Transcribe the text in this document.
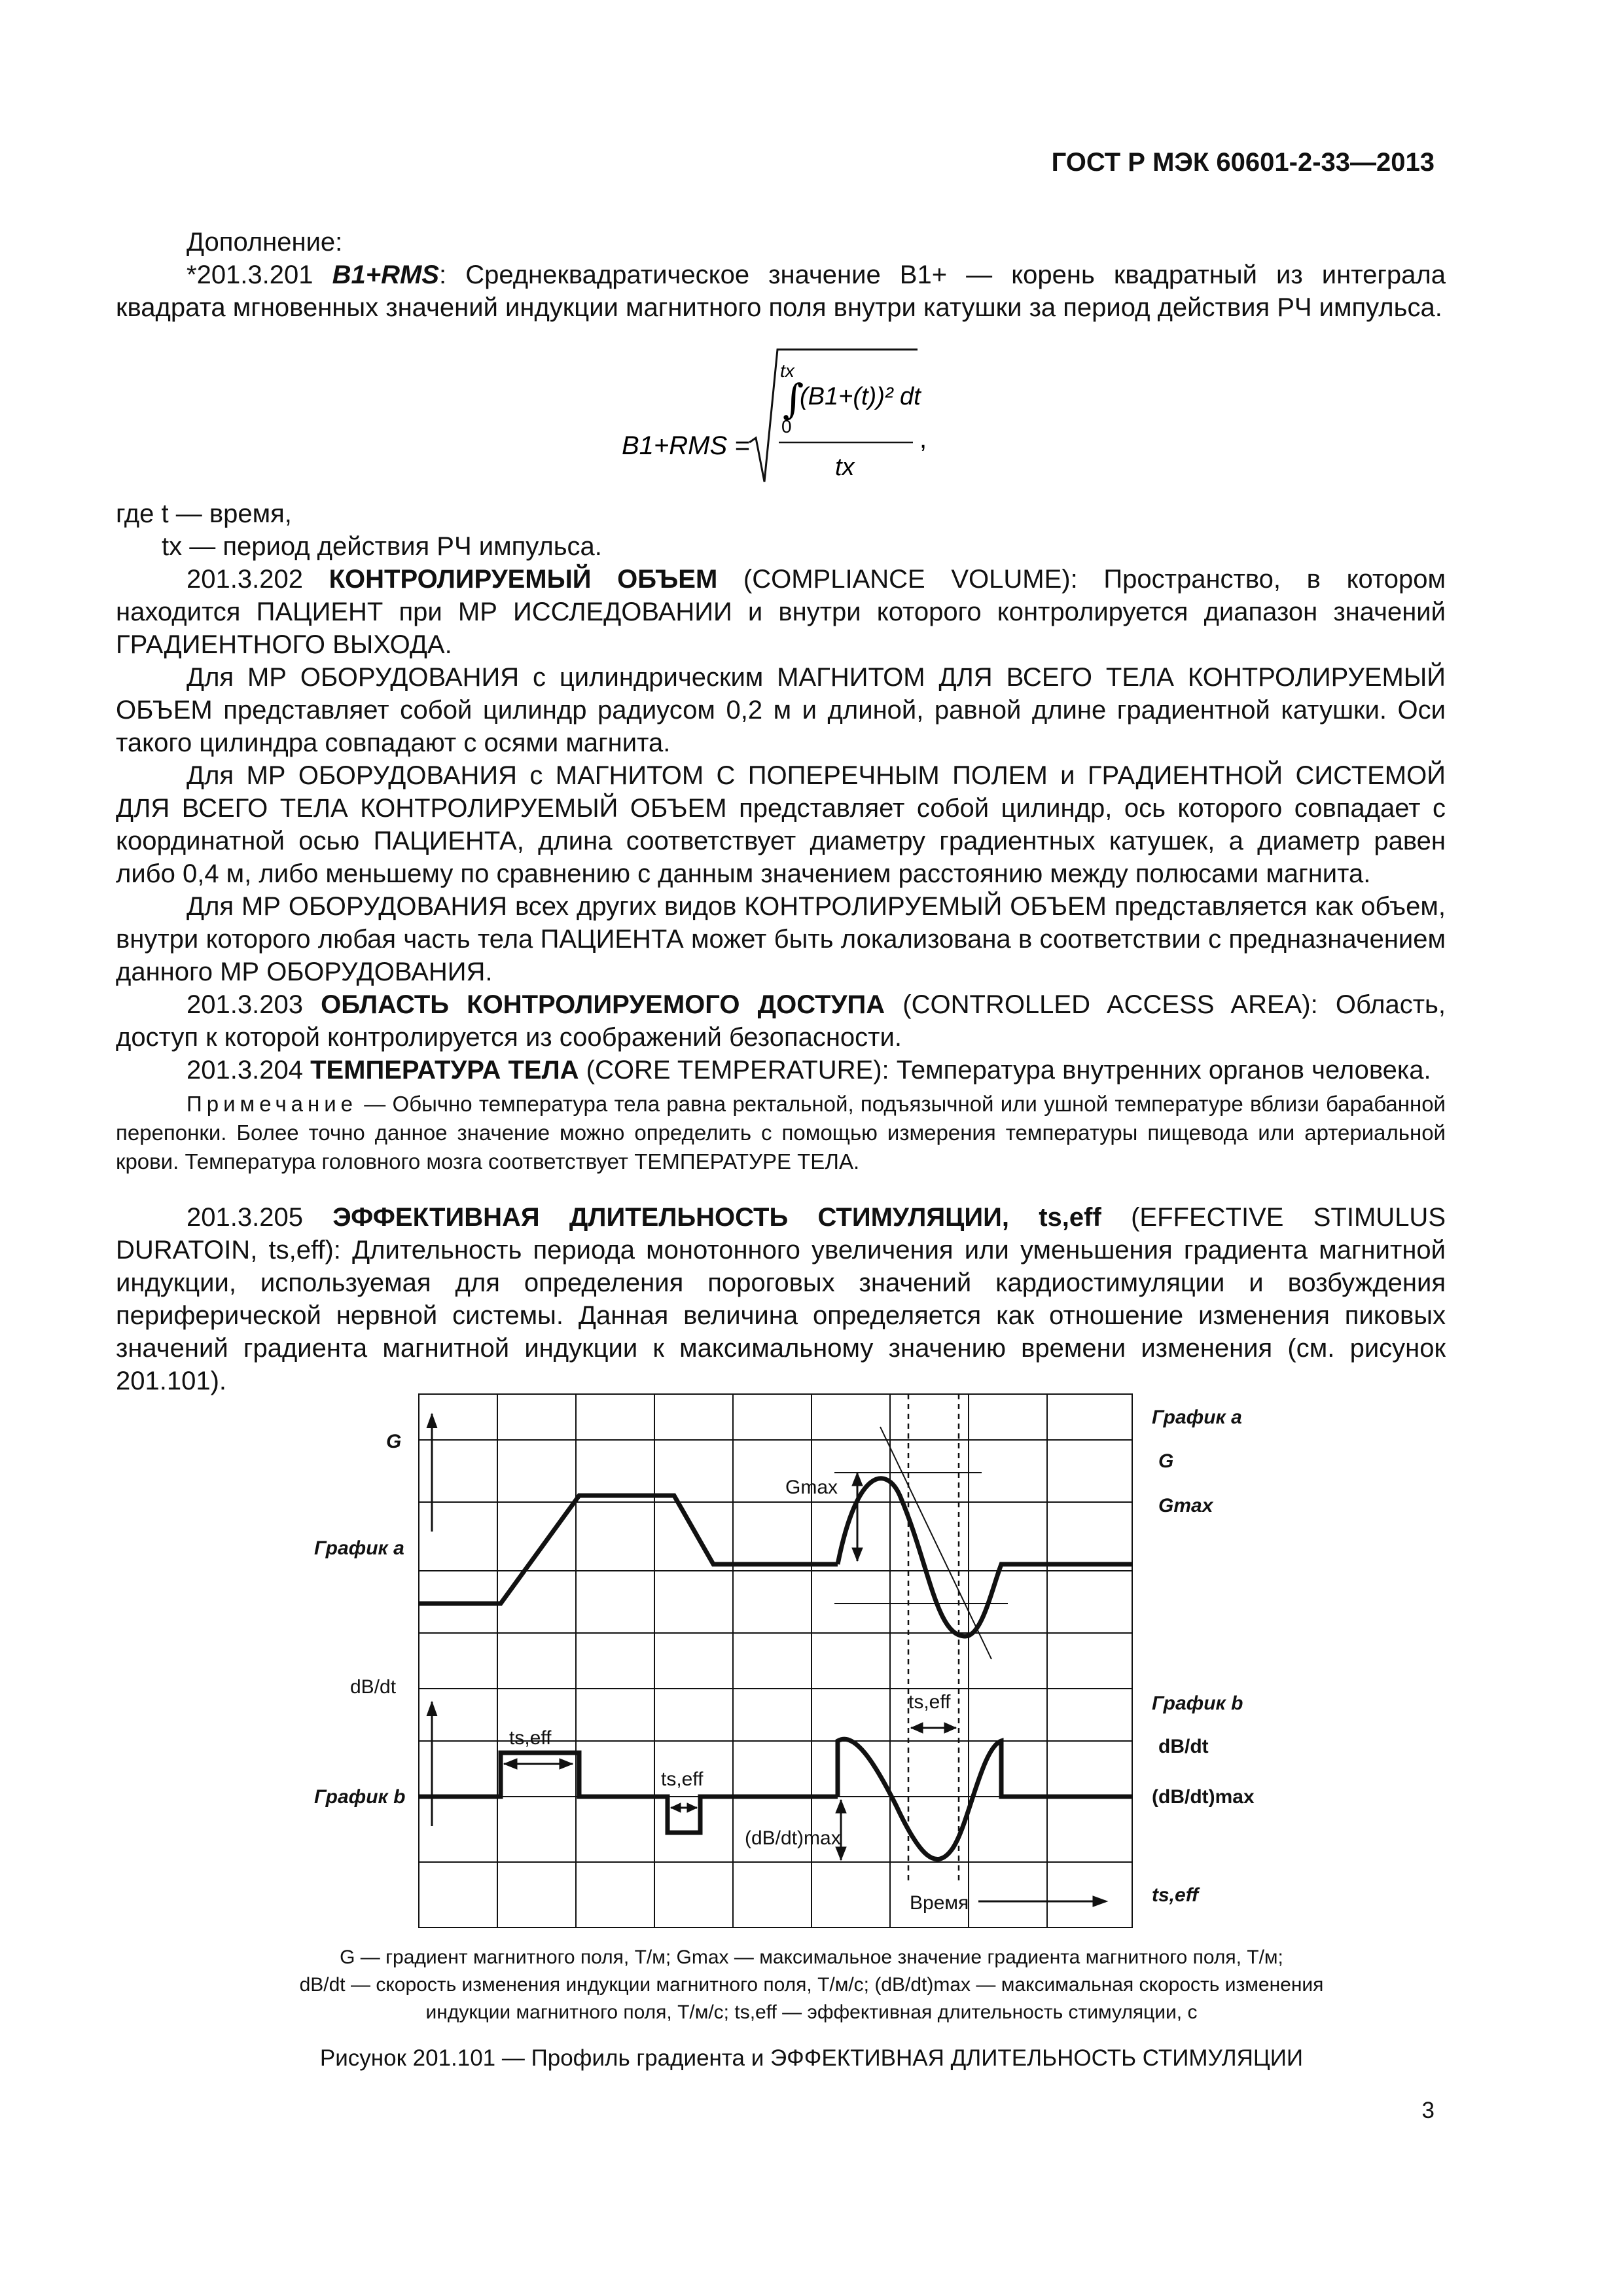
ГОСТ Р МЭК 60601-2-33—2013

Дополнение:

*201.3.201 B1+RMS: Среднеквадратическое значение B1+ — корень квадратный из интеграла квадрата мгновенных значений индукции магнитного поля внутри катушки за период действия РЧ импульса.

B1+RMS =
tx
∫
(B1+(t))² dt
0
tx
,

где t — время,

tx — период действия РЧ импульса.

201.3.202 КОНТРОЛИРУЕМЫЙ ОБЪЕМ (COMPLIANCE VOLUME): Пространство, в котором находится ПАЦИЕНТ при МР ИССЛЕДОВАНИИ и внутри которого контролируется диапазон значений ГРАДИЕНТНОГО ВЫХОДА.

Для МР ОБОРУДОВАНИЯ с цилиндрическим МАГНИТОМ ДЛЯ ВСЕГО ТЕЛА КОНТРОЛИРУЕМЫЙ ОБЪЕМ представляет собой цилиндр радиусом 0,2 м и длиной, равной длине градиентной катушки. Оси такого цилиндра совпадают с осями магнита.

Для МР ОБОРУДОВАНИЯ с МАГНИТОМ С ПОПЕРЕЧНЫМ ПОЛЕМ и ГРАДИЕНТНОЙ СИСТЕМОЙ ДЛЯ ВСЕГО ТЕЛА КОНТРОЛИРУЕМЫЙ ОБЪЕМ представляет собой цилиндр, ось которого совпадает с координатной осью ПАЦИЕНТА, длина соответствует диаметру градиентных катушек, а диаметр равен либо 0,4 м, либо меньшему по сравнению с данным значением расстоянию между полюсами магнита.

Для МР ОБОРУДОВАНИЯ всех других видов КОНТРОЛИРУЕМЫЙ ОБЪЕМ представляется как объем, внутри которого любая часть тела ПАЦИЕНТА может быть локализована в соответствии с предназначением данного МР ОБОРУДОВАНИЯ.

201.3.203 ОБЛАСТЬ КОНТРОЛИРУЕМОГО ДОСТУПА (CONTROLLED ACCESS AREA): Область, доступ к которой контролируется из соображений безопасности.

201.3.204 ТЕМПЕРАТУРА ТЕЛА (CORE TEMPERATURE): Температура внутренних органов человека.

Примечание — Обычно температура тела равна ректальной, подъязычной или ушной температуре вблизи барабанной перепонки. Более точно данное значение можно определить с помощью измерения температуры пищевода или артериальной крови. Температура головного мозга соответствует ТЕМПЕРАТУРЕ ТЕЛА.

201.3.205 ЭФФЕКТИВНАЯ ДЛИТЕЛЬНОСТЬ СТИМУЛЯЦИИ, ts,eff (EFFECTIVE STIMULUS DURATOIN, ts,eff): Длительность периода монотонного увеличения или уменьшения градиента магнитной индукции, используемая для определения пороговых значений кардиостимуляции и возбуждения периферической нервной системы. Данная величина определяется как отношение изменения пиковых значений градиента магнитной индукции к максимальному значению времени изменения (см. рисунок 201.101).

G
График a
dB/dt
График b
Gmax
ts,eff
ts,eff
ts,eff
(dB/dt)max
Время
График a
G
Gmax
График b
dB/dt
(dB/dt)max
ts,eff
G — градиент магнитного поля, Т/м; Gmax — максимальное значение градиента магнитного поля, Т/м;
dB/dt — скорость изменения индукции магнитного поля, Т/м/с; (dB/dt)max — максимальная скорость изменения
индукции магнитного поля, Т/м/с; ts,eff — эффективная длительность стимуляции, с
Рисунок 201.101 — Профиль градиента и ЭФФЕКТИВНАЯ ДЛИТЕЛЬНОСТЬ СТИМУЛЯЦИИ
3
